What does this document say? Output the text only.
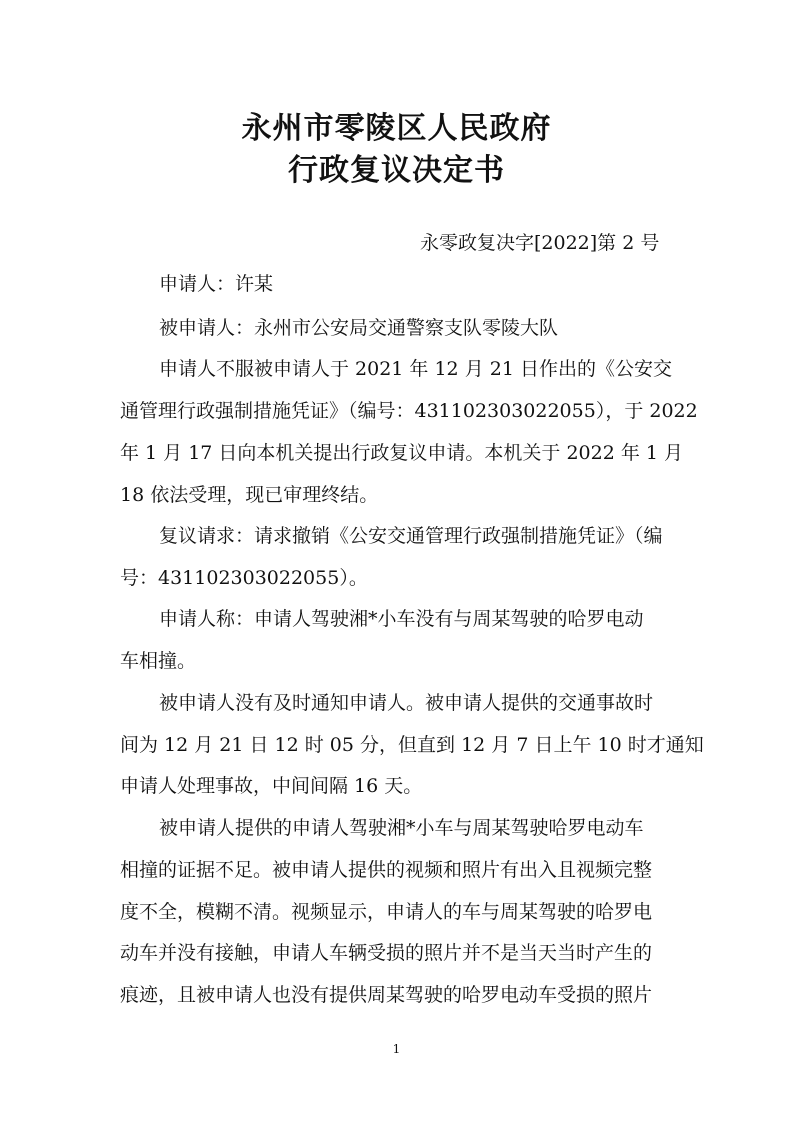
永州市零陵区人民政府
行政复议决定书
永零政复决字[2022]第 2 号
申请人：许某
被申请人：永州市公安局交通警察支队零陵大队
申请人不服被申请人于 2021 年 12 月 21 日作出的《公安交
通管理行政强制措施凭证》（编号：431102303022055），于 2022
年 1 月 17 日向本机关提出行政复议申请。本机关于 2022 年 1 月
18 依法受理，现已审理终结。
复议请求：请求撤销《公安交通管理行政强制措施凭证》（编
号：431102303022055）。
申请人称：申请人驾驶湘*小车没有与周某驾驶的哈罗电动
车相撞。
被申请人没有及时通知申请人。被申请人提供的交通事故时
间为 12 月 21 日 12 时 05 分，但直到 12 月 7 日上午 10 时才通知
申请人处理事故，中间间隔 16 天。
被申请人提供的申请人驾驶湘*小车与周某驾驶哈罗电动车
相撞的证据不足。被申请人提供的视频和照片有出入且视频完整
度不全，模糊不清。视频显示，申请人的车与周某驾驶的哈罗电
动车并没有接触，申请人车辆受损的照片并不是当天当时产生的
痕迹，且被申请人也没有提供周某驾驶的哈罗电动车受损的照片
1
